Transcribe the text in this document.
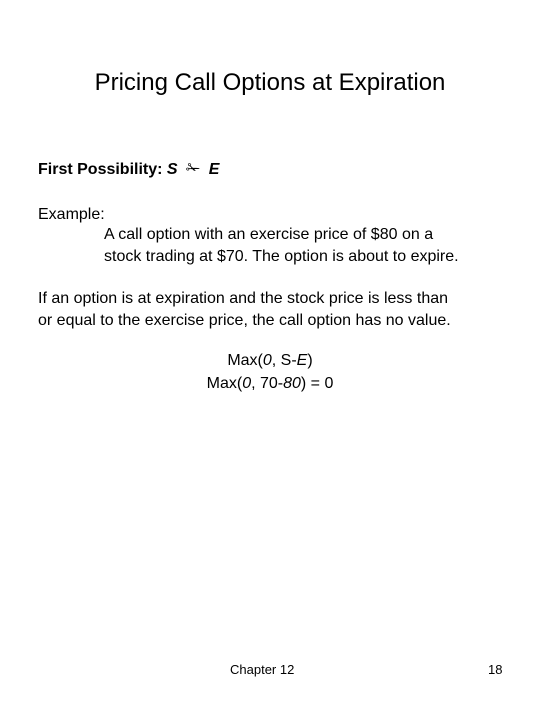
Pricing Call Options at Expiration
First Possibility: S ✁ E
Example:
A call option with an exercise price of $80 on a
stock trading at $70. The option is about to expire.
If an option is at expiration and the stock price is less than
or equal to the exercise price, the call option has no value.
Max(0, S-E)
Max(0, 70-80) = 0
Chapter 12	18
